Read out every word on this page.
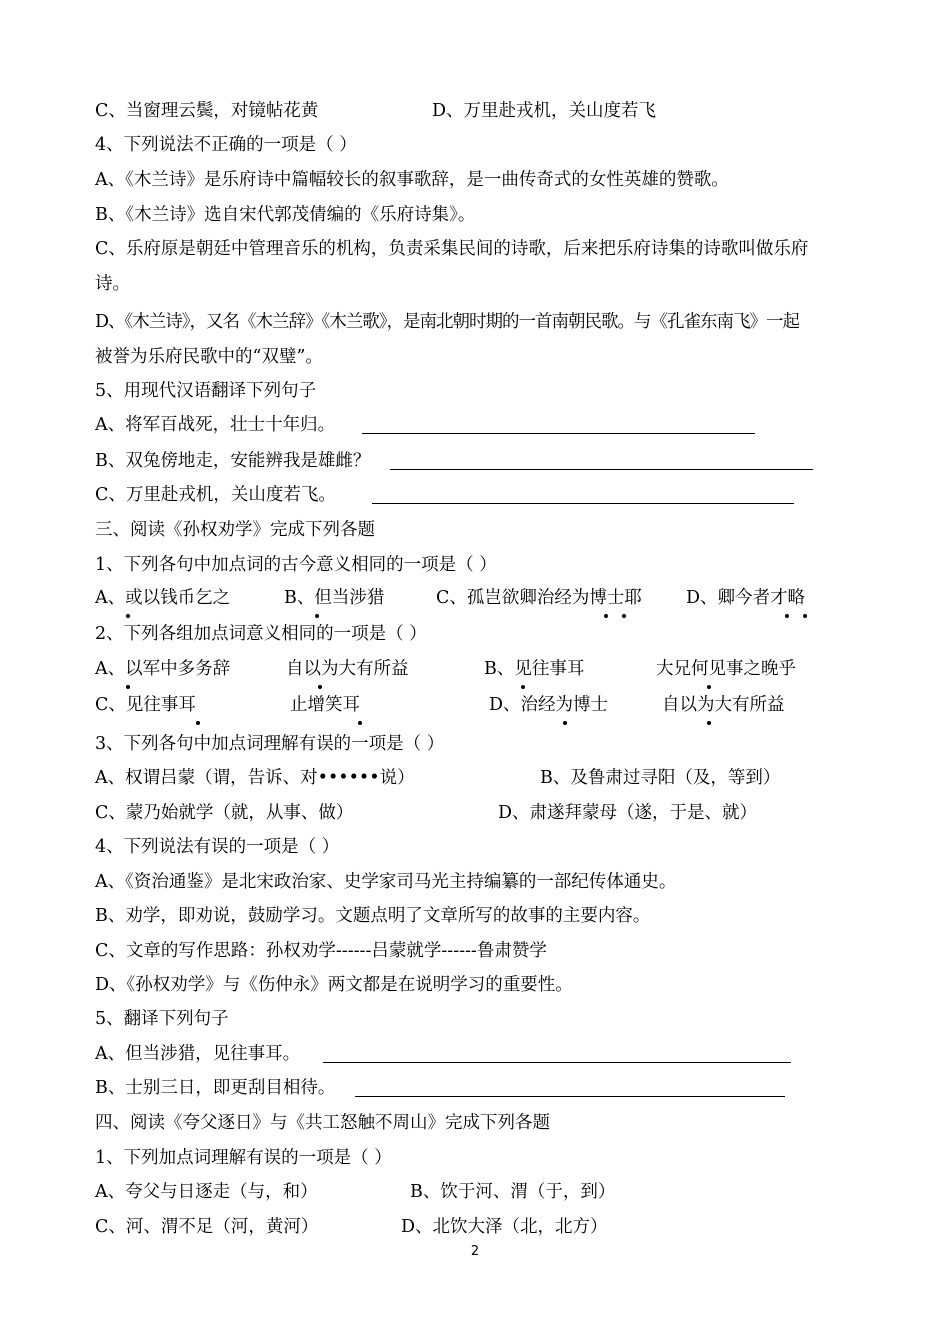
C、当窗理云鬓，对镜帖花黄	D、万里赴戎机，关山度若飞
4、下列说法不正确的一项是（ ）
A、《木兰诗》是乐府诗中篇幅较长的叙事歌辞，是一曲传奇式的女性英雄的赞歌。
B、《木兰诗》选自宋代郭茂倩编的《乐府诗集》。
C、乐府原是朝廷中管理音乐的机构，负责采集民间的诗歌，后来把乐府诗集的诗歌叫做乐府
诗。
D、《木兰诗》，又名《木兰辞》《木兰歌》，是南北朝时期的一首南朝民歌。与《孔雀东南飞》一起
被誉为乐府民歌中的“双璧”。
5、用现代汉语翻译下列句子
A、将军百战死，壮士十年归。
B、双兔傍地走，安能辨我是雄雌？
C、万里赴戎机，关山度若飞。
三、阅读《孙权劝学》完成下列各题
1、下列各句中加点词的古今意义相同的一项是（ ）
A、或以钱币乞之	B、但当涉猎	C、孤岂欲卿治经为博士耶	D、卿今者才略
2、下列各组加点词意义相同的一项是（ ）
A、以军中多务辞	自以为大有所益	B、见往事耳	大兄何见事之晚乎
C、见往事耳	止增笑耳	D、治经为博士	自以为大有所益
3、下列各句中加点词理解有误的一项是（ ）
A、权谓吕蒙（谓，告诉、对••••••说）	B、及鲁肃过寻阳（及，等到）
C、蒙乃始就学（就，从事、做）	D、肃遂拜蒙母（遂，于是、就）
4、下列说法有误的一项是（ ）
A、《资治通鉴》是北宋政治家、史学家司马光主持编纂的一部纪传体通史。
B、劝学，即劝说，鼓励学习。文题点明了文章所写的故事的主要内容。
C、文章的写作思路：孙权劝学------吕蒙就学------鲁肃赞学
D、《孙权劝学》与《伤仲永》两文都是在说明学习的重要性。
5、翻译下列句子
A、但当涉猎，见往事耳。
B、士别三日，即更刮目相待。
四、阅读《夸父逐日》与《共工怒触不周山》完成下列各题
1、下列加点词理解有误的一项是（ ）
A、夸父与日逐走（与，和）	B、饮于河、渭（于，到）
C、河、渭不足（河，黄河）	D、北饮大泽（北，北方）
2
